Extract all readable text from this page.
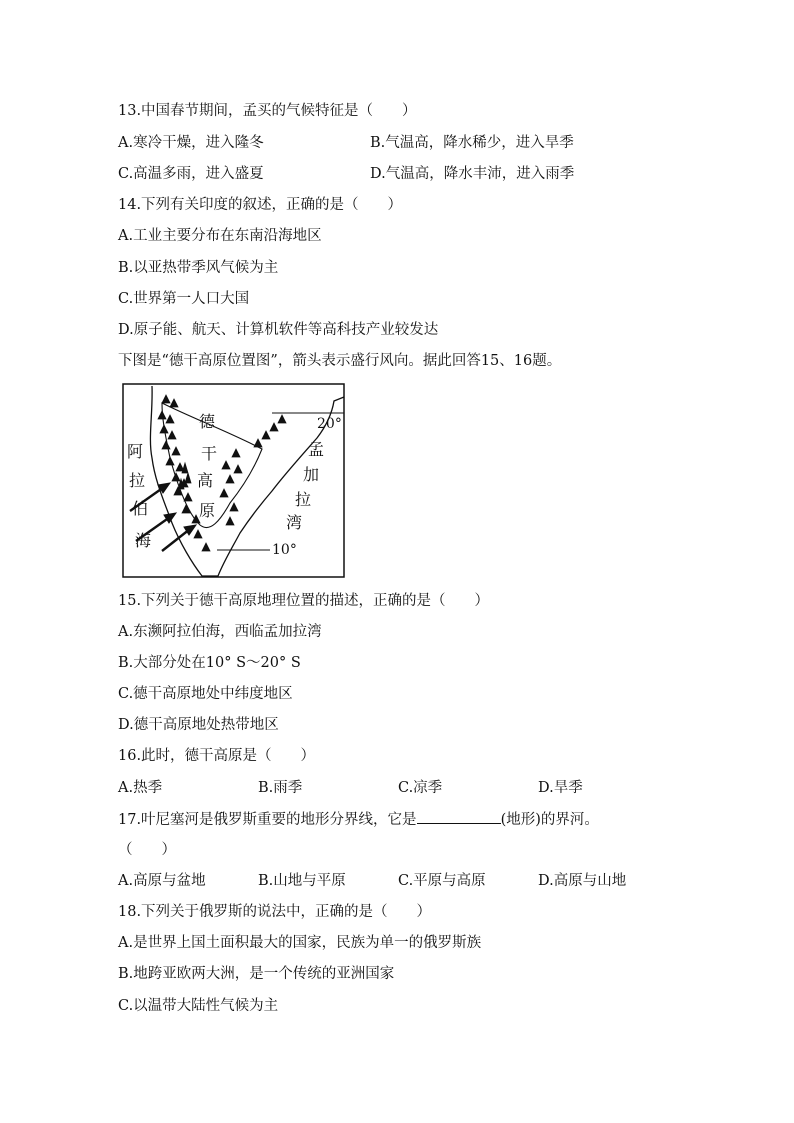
13.中国春节期间，孟买的气候特征是（　　）
A.寒冷干燥，进入隆冬	B.气温高，降水稀少，进入旱季
C.高温多雨，进入盛夏	D.气温高，降水丰沛，进入雨季
14.下列有关印度的叙述，正确的是（　　）
A.工业主要分布在东南沿海地区
B.以亚热带季风气候为主
C.世界第一人口大国
D.原子能、航天、计算机软件等高科技产业较发达
下图是“德干高原位置图”，箭头表示盛行风向。据此回答15、16题。
德
干
高
原
阿
拉
伯
海
孟
加
拉
湾
20°
10°
15.下列关于德干高原地理位置的描述，正确的是（　　）
A.东濒阿拉伯海，西临孟加拉湾
B.大部分处在10° S～20° S
C.德干高原地处中纬度地区
D.德干高原地处热带地区
16.此时，德干高原是（　　）
A.热季	B.雨季	C.凉季	D.旱季
17.叶尼塞河是俄罗斯重要的地形分界线，它是	(地形)的界河。
（　　）
A.高原与盆地	B.山地与平原	C.平原与高原	D.高原与山地
18.下列关于俄罗斯的说法中，正确的是（　　）
A.是世界上国土面积最大的国家，民族为单一的俄罗斯族
B.地跨亚欧两大洲，是一个传统的亚洲国家
C.以温带大陆性气候为主
